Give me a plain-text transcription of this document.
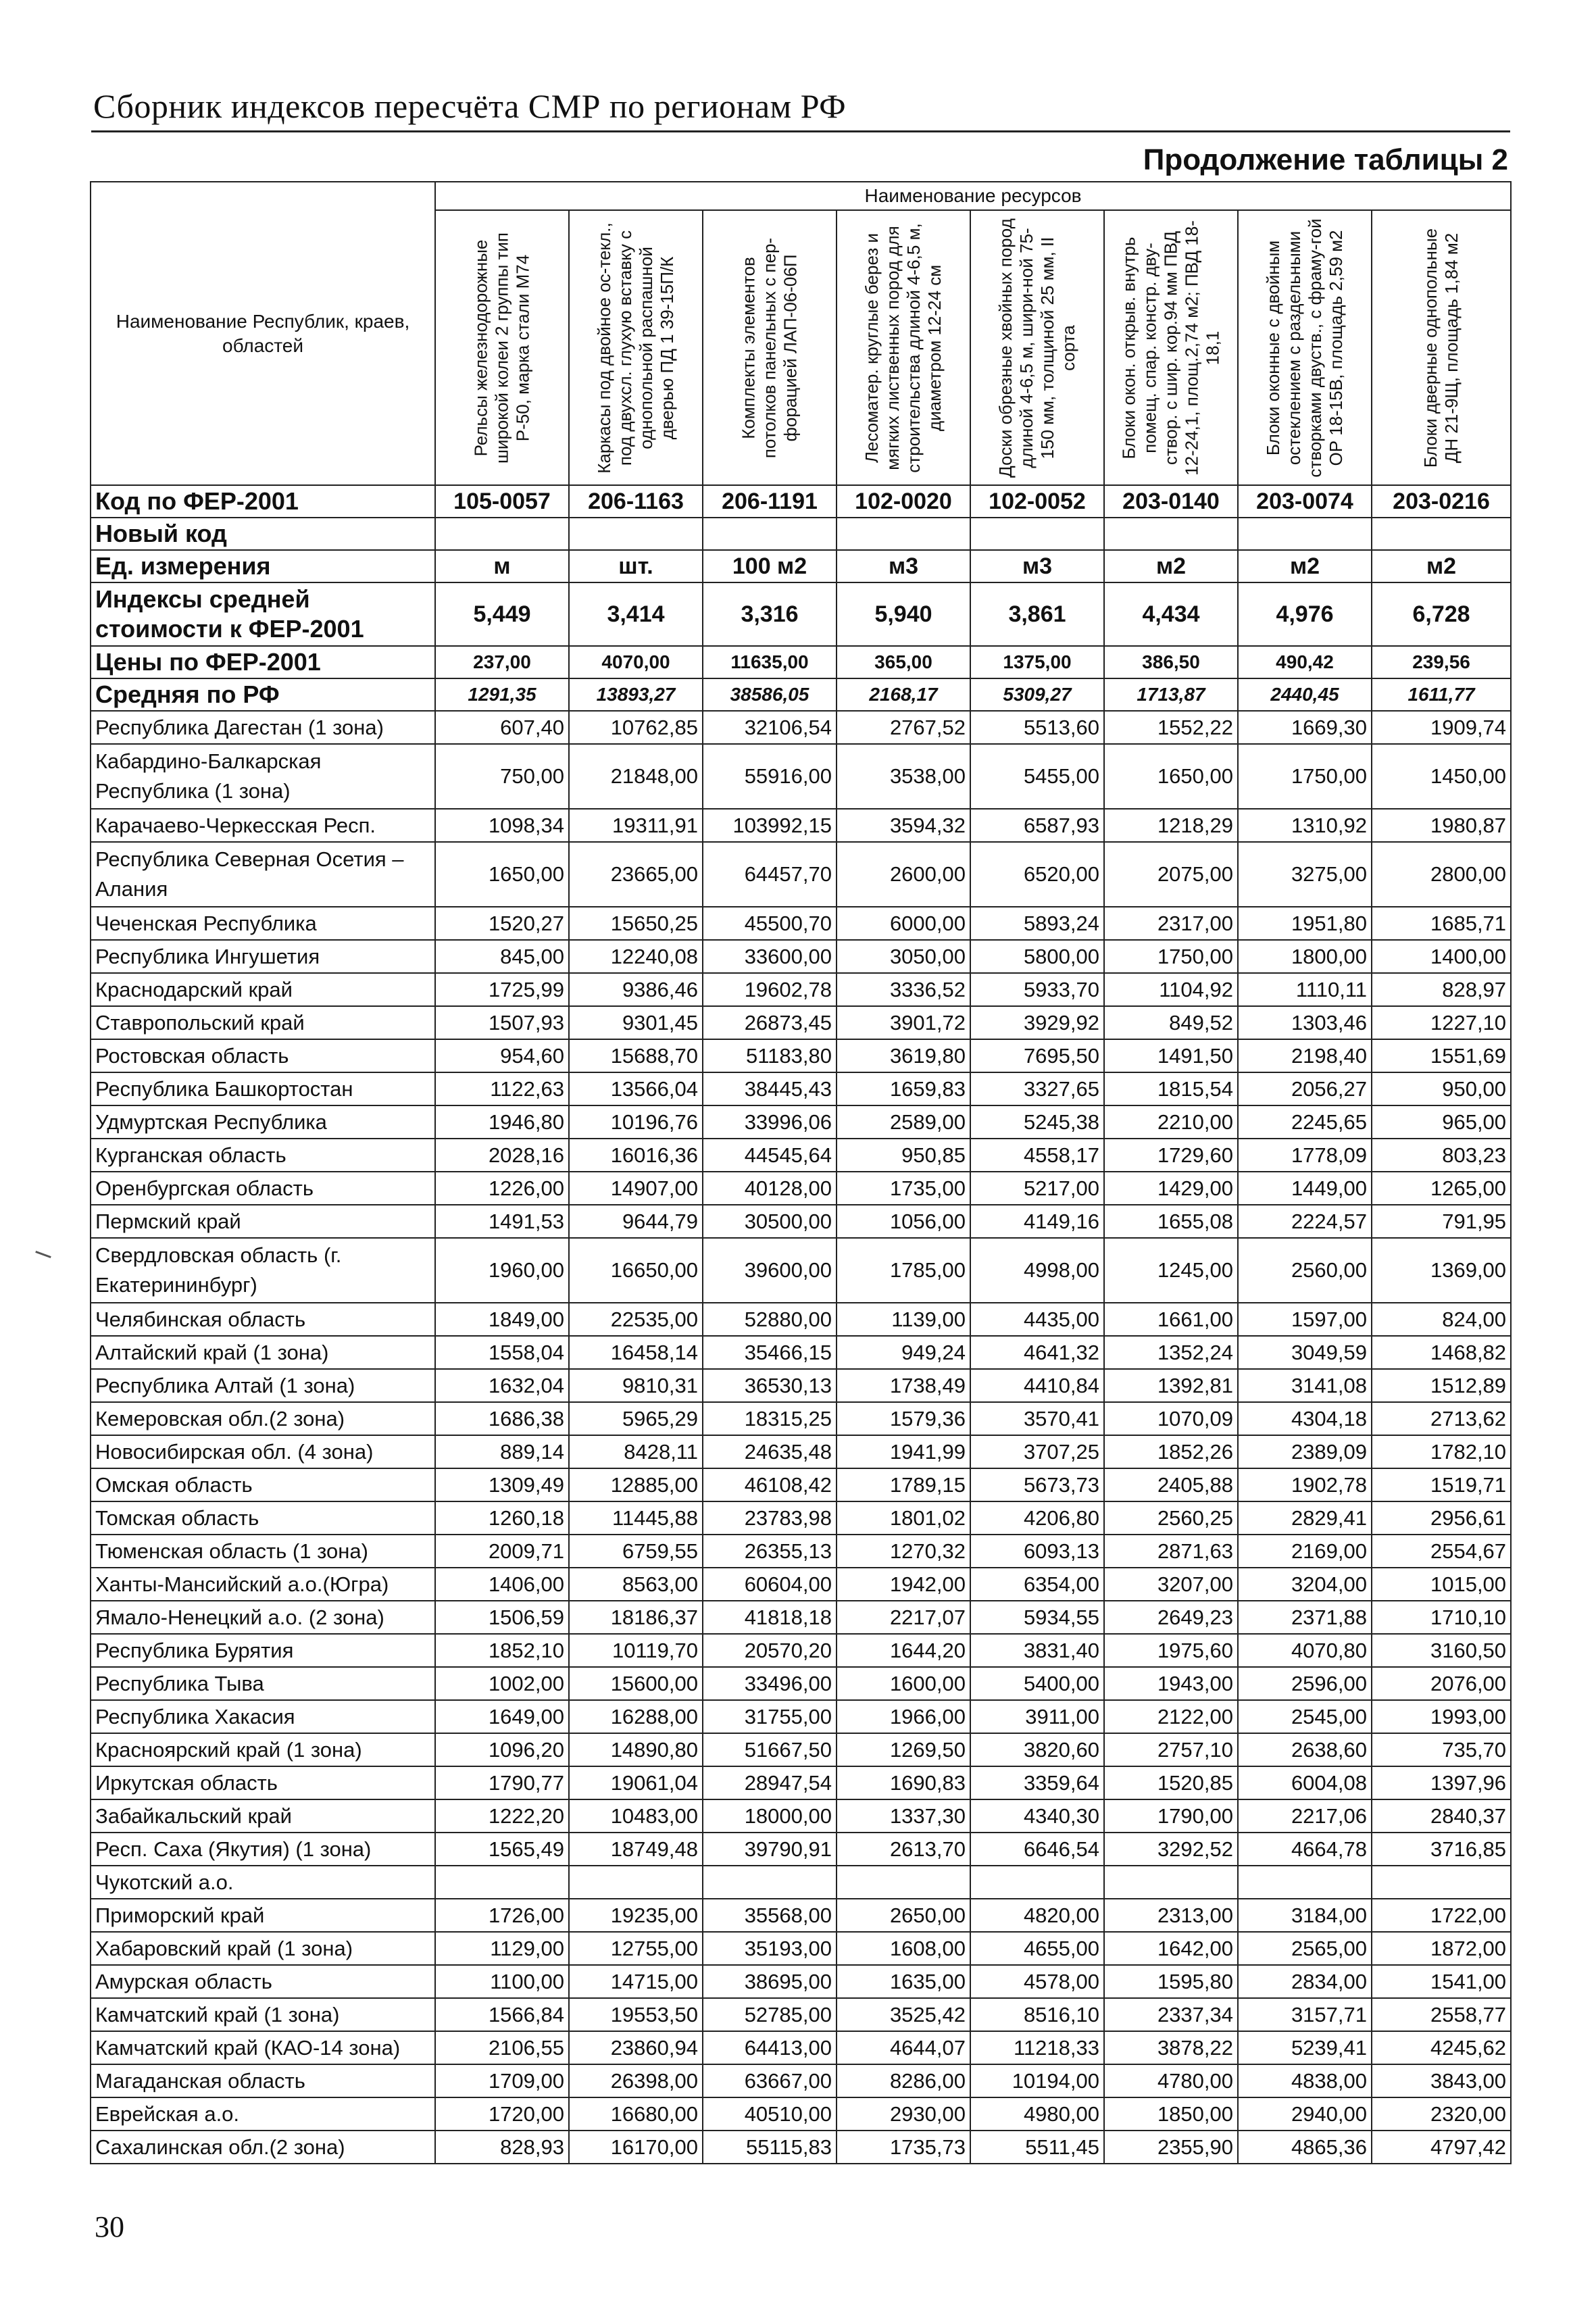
Сборник индексов пересчёта СМР по регионам РФ
Продолжение таблицы 2
Наименование Республик, краев, областей	Наименование ресурсов							

	Рельсы железнодорожные широкой колеи 2 группы тип Р-50, марка стали М74	Каркасы под двойное ос-текл., под двухсл. глухую вставку с однопольной распашной дверью ПД 1 39-15П/К	Комплекты элементов потолков панельных с пер-форацией ЛАП-06-06П	Лесоматер. круглые берез и мягких лиственных пород для строительства длиной 4-6,5 м, диаметром 12-24 см	Доски обрезные хвойных пород длиной 4-6,5 м, шири-ной 75-150 мм, толщиной 25 мм, II сорта	Блоки окон. открыв. внутрь помещ. спар. констр. дву-створ. с шир. кор.94 мм ПВД 12-24,1, площ.2,74 м2; ПВД 18-18,1	Блоки оконные с двойным остеклением с раздельными створками двуств., с фраму-гой ОР 18-15В, площадь 2,59 м2	Блоки дверные однопольные ДН 21-9Щ, площадь 1,84 м2

Код по ФЕР-2001	105-0057	206-1163	206-1191	102-0020	102-0052	203-0140	203-0074	203-0216
Новый код								
Ед. измерения	м	шт.	100 м2	м3	м3	м2	м2	м2
Индексы средней стоимости к ФЕР-2001	5,449	3,414	3,316	5,940	3,861	4,434	4,976	6,728
Цены по ФЕР-2001	237,00	4070,00	11635,00	365,00	1375,00	386,50	490,42	239,56
Средняя по РФ	1291,35	13893,27	38586,05	2168,17	5309,27	1713,87	2440,45	1611,77
Республика Дагестан (1 зона)	607,40	10762,85	32106,54	2767,52	5513,60	1552,22	1669,30	1909,74
Кабардино-Балкарская Республика (1 зона)	750,00	21848,00	55916,00	3538,00	5455,00	1650,00	1750,00	1450,00
Карачаево-Черкесская Респ.	1098,34	19311,91	103992,15	3594,32	6587,93	1218,29	1310,92	1980,87
Республика Северная Осетия – Алания	1650,00	23665,00	64457,70	2600,00	6520,00	2075,00	3275,00	2800,00
Чеченская Республика	1520,27	15650,25	45500,70	6000,00	5893,24	2317,00	1951,80	1685,71
Республика Ингушетия	845,00	12240,08	33600,00	3050,00	5800,00	1750,00	1800,00	1400,00
Краснодарский край	1725,99	9386,46	19602,78	3336,52	5933,70	1104,92	1110,11	828,97
Ставропольский край	1507,93	9301,45	26873,45	3901,72	3929,92	849,52	1303,46	1227,10
Ростовская область	954,60	15688,70	51183,80	3619,80	7695,50	1491,50	2198,40	1551,69
Республика Башкортостан	1122,63	13566,04	38445,43	1659,83	3327,65	1815,54	2056,27	950,00
Удмуртская Республика	1946,80	10196,76	33996,06	2589,00	5245,38	2210,00	2245,65	965,00
Курганская область	2028,16	16016,36	44545,64	950,85	4558,17	1729,60	1778,09	803,23
Оренбургская область	1226,00	14907,00	40128,00	1735,00	5217,00	1429,00	1449,00	1265,00
Пермский край	1491,53	9644,79	30500,00	1056,00	4149,16	1655,08	2224,57	791,95
Свердловская область (г. Екатерининбург)	1960,00	16650,00	39600,00	1785,00	4998,00	1245,00	2560,00	1369,00
Челябинская область	1849,00	22535,00	52880,00	1139,00	4435,00	1661,00	1597,00	824,00
Алтайский край (1 зона)	1558,04	16458,14	35466,15	949,24	4641,32	1352,24	3049,59	1468,82
Республика Алтай (1 зона)	1632,04	9810,31	36530,13	1738,49	4410,84	1392,81	3141,08	1512,89
Кемеровская обл.(2 зона)	1686,38	5965,29	18315,25	1579,36	3570,41	1070,09	4304,18	2713,62
Новосибирская обл. (4 зона)	889,14	8428,11	24635,48	1941,99	3707,25	1852,26	2389,09	1782,10
Омская область	1309,49	12885,00	46108,42	1789,15	5673,73	2405,88	1902,78	1519,71
Томская область	1260,18	11445,88	23783,98	1801,02	4206,80	2560,25	2829,41	2956,61
Тюменская область (1 зона)	2009,71	6759,55	26355,13	1270,32	6093,13	2871,63	2169,00	2554,67
Ханты-Мансийский а.о.(Югра)	1406,00	8563,00	60604,00	1942,00	6354,00	3207,00	3204,00	1015,00
Ямало-Ненецкий а.о. (2 зона)	1506,59	18186,37	41818,18	2217,07	5934,55	2649,23	2371,88	1710,10
Республика Бурятия	1852,10	10119,70	20570,20	1644,20	3831,40	1975,60	4070,80	3160,50
Республика Тыва	1002,00	15600,00	33496,00	1600,00	5400,00	1943,00	2596,00	2076,00
Республика Хакасия	1649,00	16288,00	31755,00	1966,00	3911,00	2122,00	2545,00	1993,00
Красноярский край (1 зона)	1096,20	14890,80	51667,50	1269,50	3820,60	2757,10	2638,60	735,70
Иркутская область	1790,77	19061,04	28947,54	1690,83	3359,64	1520,85	6004,08	1397,96
Забайкальский край	1222,20	10483,00	18000,00	1337,30	4340,30	1790,00	2217,06	2840,37
Респ. Саха (Якутия) (1 зона)	1565,49	18749,48	39790,91	2613,70	6646,54	3292,52	4664,78	3716,85
Чукотский а.о.								
Приморский край	1726,00	19235,00	35568,00	2650,00	4820,00	2313,00	3184,00	1722,00
Хабаровский край (1 зона)	1129,00	12755,00	35193,00	1608,00	4655,00	1642,00	2565,00	1872,00
Амурская область	1100,00	14715,00	38695,00	1635,00	4578,00	1595,80	2834,00	1541,00
Камчатский край (1 зона)	1566,84	19553,50	52785,00	3525,42	8516,10	2337,34	3157,71	2558,77
Камчатский край (КАО-14 зона)	2106,55	23860,94	64413,00	4644,07	11218,33	3878,22	5239,41	4245,62
Магаданская область	1709,00	26398,00	63667,00	8286,00	10194,00	4780,00	4838,00	3843,00
Еврейская а.о.	1720,00	16680,00	40510,00	2930,00	4980,00	1850,00	2940,00	2320,00
Сахалинская обл.(2 зона)	828,93	16170,00	55115,83	1735,73	5511,45	2355,90	4865,36	4797,42
30
